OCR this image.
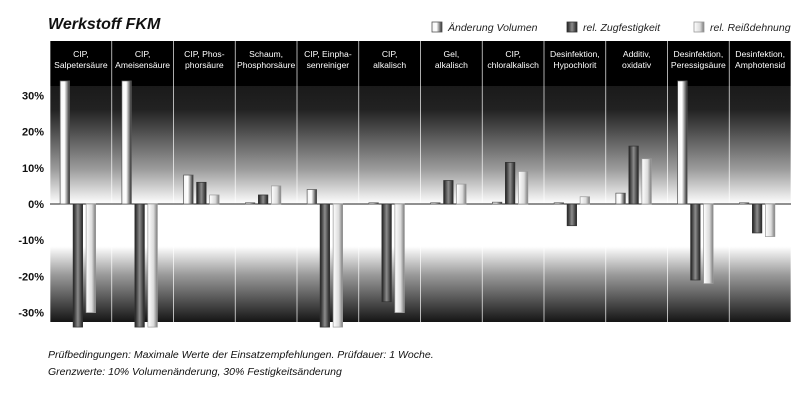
Werkstoff FKM	Änderung Volumen	rel. Zugfestigkeit	rel. Reißdehnung
CIP, Salpetersäure
CIP, Ameisensäure
CIP, Phos-phorsäure
Schaum, Phosphorsäure
CIP, Einpha-senreiniger
CIP, alkalisch
Gel, alkalisch
CIP, chloralkalisch
Desinfektion, Hypochlorit
Additiv, oxidativ
Desinfektion, Peressigsäure
Desinfektion, Amphotensid
30%
20%
10%
0%
-10%
-20%
-30%
Prüfbedingungen: Maximale Werte der Einsatzempfehlungen. Prüfdauer: 1 Woche.
Grenzwerte: 10% Volumenänderung, 30% Festigkeitsänderung
